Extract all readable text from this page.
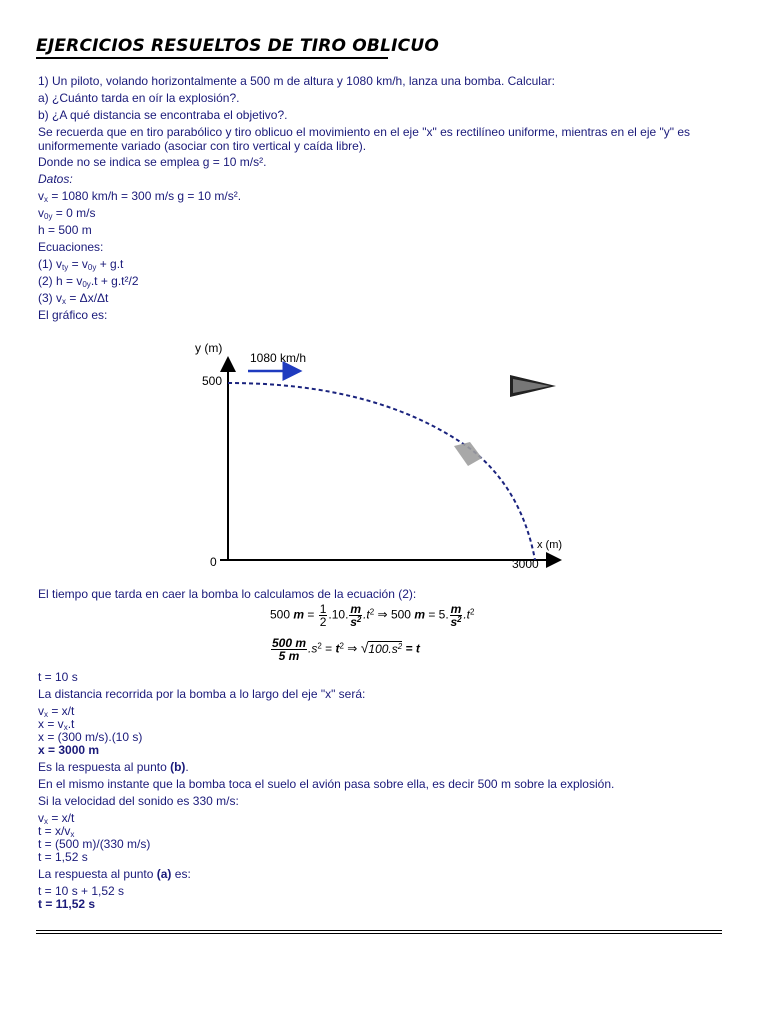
EJERCICIOS RESUELTOS DE TIRO OBLICUO
1) Un piloto, volando horizontalmente a 500 m de altura y 1080 km/h, lanza una bomba. Calcular:
a) ¿Cuánto tarda en oír la explosión?.
b) ¿A qué distancia se encontraba el objetivo?.
Se recuerda que en tiro parabólico y tiro oblicuo el movimiento en el eje "x" es rectilíneo uniforme, mientras en el eje "y" es uniformemente variado (asociar con tiro vertical y caída libre).
Donde no se indica se emplea g = 10 m/s².
Datos:
$v_x = 1080$ km/h = 300 m/s g = 10 m/s².
$v_{0y} = 0$ m/s
h = 500 m
Ecuaciones:
(1) $v_{ty} = v_{0y} + g.t$
(2) $h = v_{0y}.t + g.t^2/2$
(3) $v_x = \Delta x/\Delta t$
El gráfico es:
y (m)
x (m)
500
3000
0
1080 km/h
El tiempo que tarda en caer la bomba lo calculamos de la ecuación (2):
500 $m = \frac{1}{2} .10$. $\frac{m}{s^2} .t^2$ ⇒ 500 m = 5. $\frac{m}{s^2} .t^2$
$\frac{500 m}{5 m} .s^2 = t^2$ ⇒ $√100.s^2 = t$
t = 10 s
La distancia recorrida por la bomba a lo largo del eje "x" será:
$v_x = x/t$
$x = v_x.t$
x = (300 m/s).(10 s)
x = 3000 m
Es la respuesta al punto (b).
En el mismo instante que la bomba toca el suelo el avión pasa sobre ella, es decir 500 m sobre la explosión.
Si la velocidad del sonido es 330 m/s:
$v_x = x/t$
$t = x/v_x$
t = (500 m)/(330 m/s)
t = 1,52 s
La respuesta al punto (a) es:
t = 10 s + 1,52 s
t = 11,52 s
